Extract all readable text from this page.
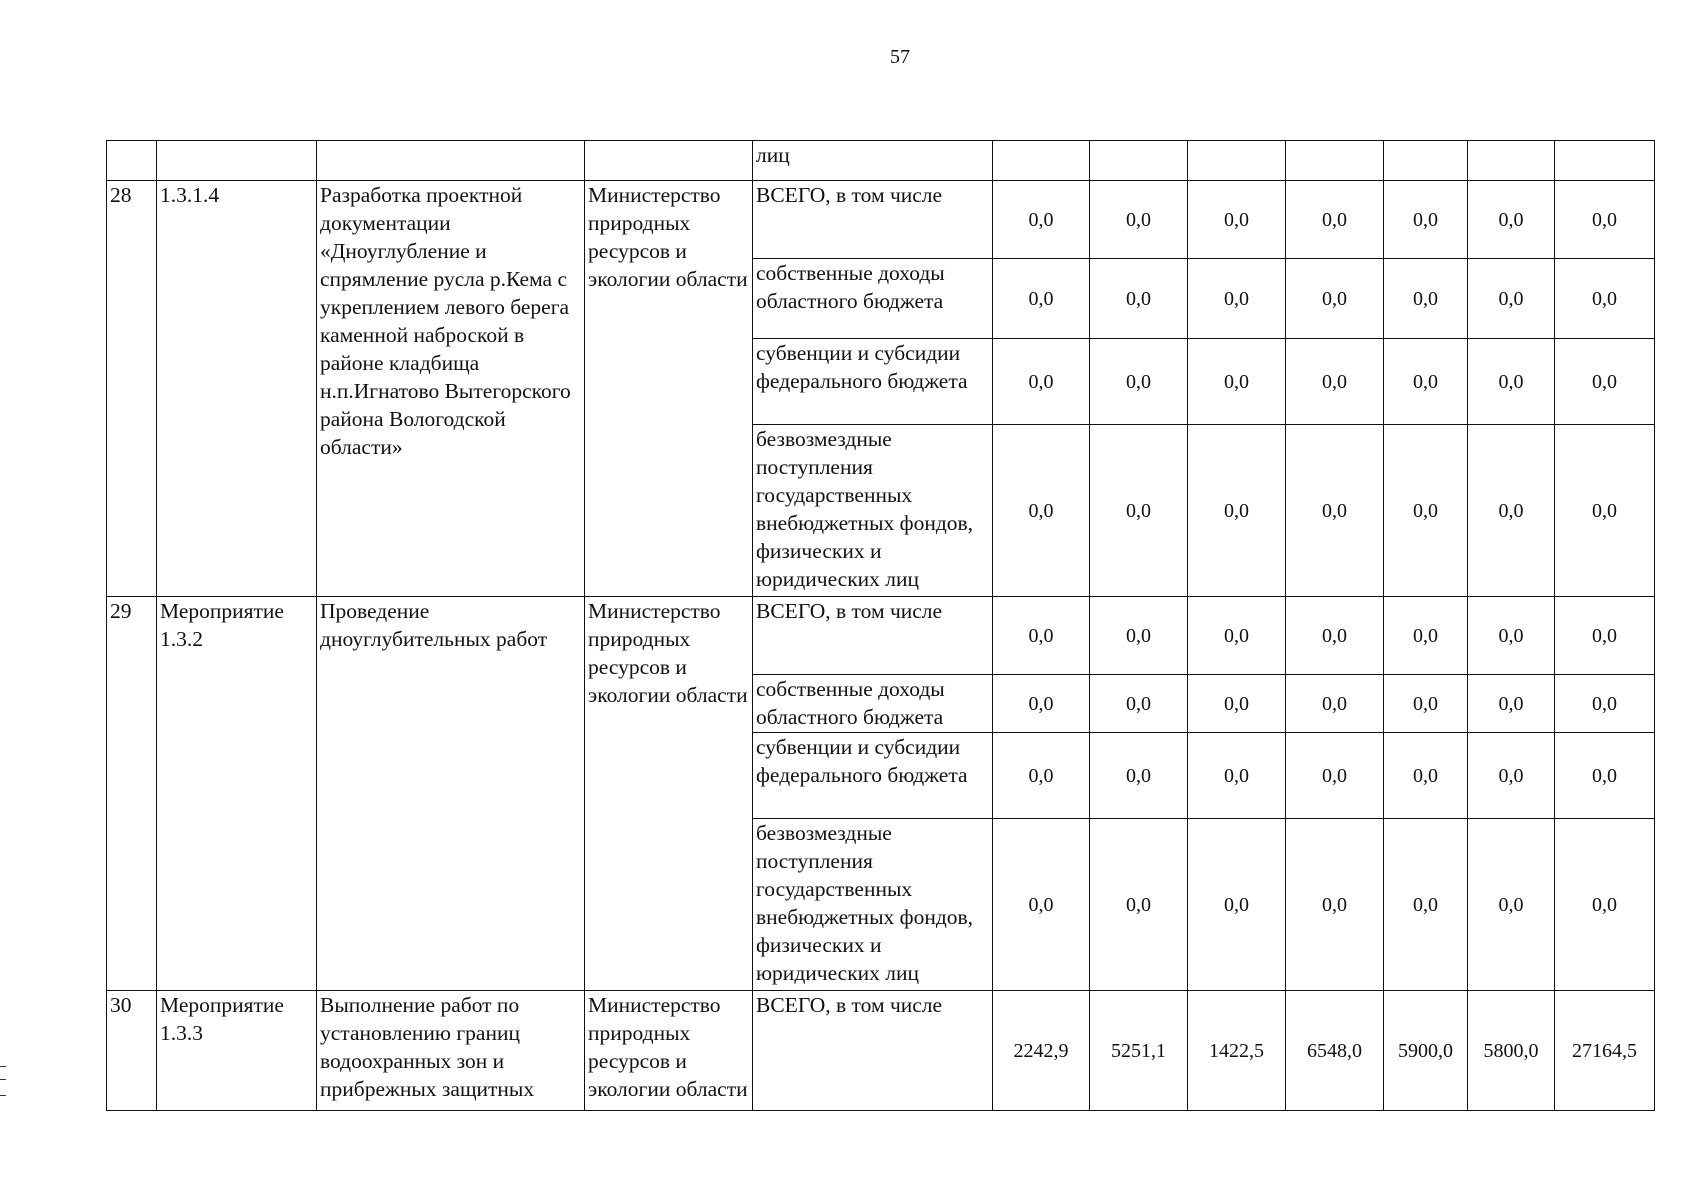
57
				лиц							
28	1.3.1.4	Разработка проектной документации «Дноуглубление и спрямление русла р.Кема с укреплением левого берега каменной наброской в районе кладбища н.п.Игнатово Вытегорского района Вологодской области»	Министерство природных ресурсов и экологии области	ВСЕГО, в том числе	0,0	0,0	0,0	0,0	0,0	0,0	0,0
				собственные доходы областного бюджета	0,0	0,0	0,0	0,0	0,0	0,0	0,0
				субвенции и субсидии федерального бюджета	0,0	0,0	0,0	0,0	0,0	0,0	0,0
				безвозмездные поступления государственных внебюджетных фондов, физических и юридических лиц	0,0	0,0	0,0	0,0	0,0	0,0	0,0
29	Мероприятие 1.3.2	Проведение дноуглубительных работ	Министерство природных ресурсов и экологии области	ВСЕГО, в том числе	0,0	0,0	0,0	0,0	0,0	0,0	0,0
				собственные доходы областного бюджета	0,0	0,0	0,0	0,0	0,0	0,0	0,0
				субвенции и субсидии федерального бюджета	0,0	0,0	0,0	0,0	0,0	0,0	0,0
				безвозмездные поступления государственных внебюджетных фондов, физических и юридических лиц	0,0	0,0	0,0	0,0	0,0	0,0	0,0
30	Мероприятие 1.3.3	Выполнение работ по установлению границ водоохранных зон и прибрежных защитных	Министерство природных ресурсов и экологии области	ВСЕГО, в том числе	2242,9	5251,1	1422,5	6548,0	5900,0	5800,0	27164,5
